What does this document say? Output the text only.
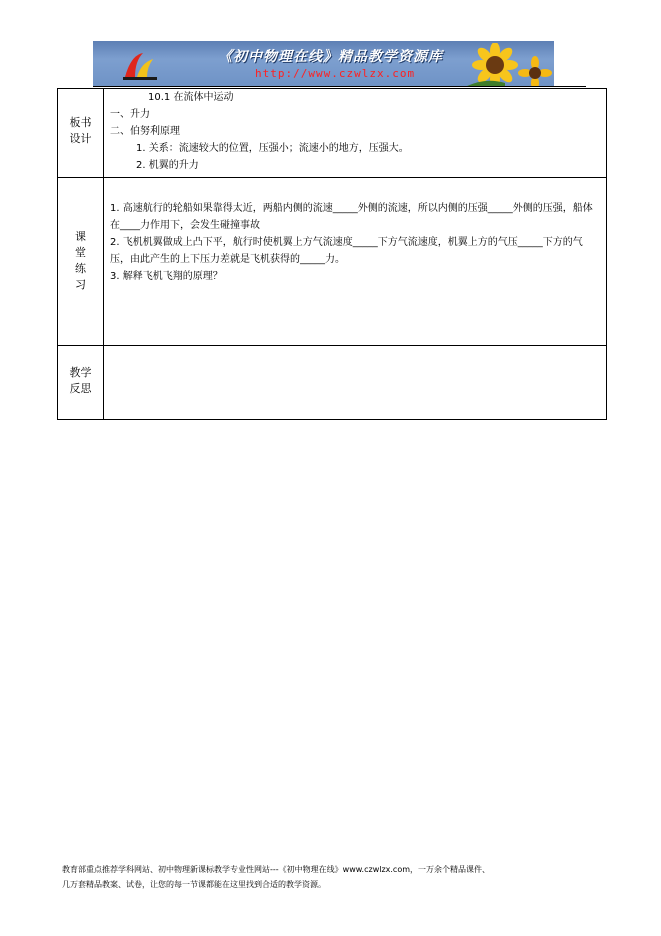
《初中物理在线》精品教学资源库
http://www.czwlzx.com
板书
设计

10.1 在流体中运动

一、升力

二、伯努利原理

1. 关系：流速较大的位置，压强小；流速小的地方，压强大。

2. 机翼的升力

课
堂
练
习

1. 高速航行的轮船如果靠得太近，两船内侧的流速_____外侧的流速，所以内侧的压强_____外侧的压强，船体在____力作用下，会发生碰撞事故

2. 飞机机翼做成上凸下平，航行时使机翼上方气流速度_____下方气流速度，机翼上方的气压_____下方的气压，由此产生的上下压力差就是飞机获得的_____力。

3. 解释飞机飞翔的原理？

教学
反思

教育部重点推荐学科网站、初中物理新课标教学专业性网站---《初中物理在线》www.czwlzx.com，一万余个精品课件、

几万套精品教案、试卷，让您的每一节课都能在这里找到合适的教学资源。
